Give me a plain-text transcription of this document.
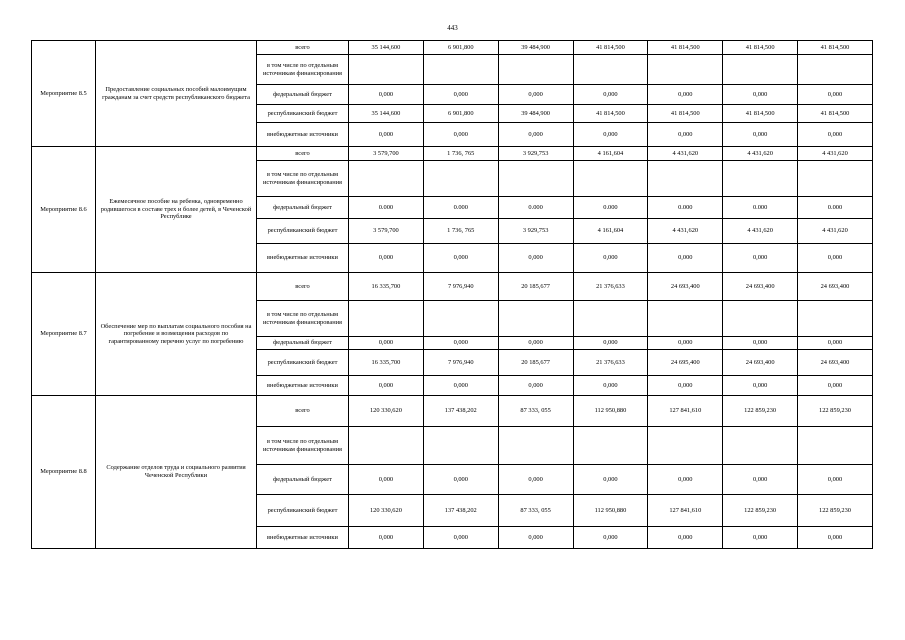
443
Мероприятие 8.5	Предоставление социальных пособий малоимущим гражданам за счет средств республиканского бюджета	всего	35 144,600	6 901,800	39 484,900	41 814,500	41 814,500	41 814,500	41 814,500
		в том числе по отдельным источникам финансирования							
		федеральный бюджет	0,000	0,000	0,000	0,000	0,000	0,000	0,000
		республиканский бюджет	35 144,600	6 901,800	39 484,900	41 814,500	41 814,500	41 814,500	41 814,500
		внебюджетные источники	0,000	0,000	0,000	0,000	0,000	0,000	0,000
Мероприятие 8.6	Ежемесячное пособие на ребенка, одновременно родившегося в составе трех и более детей, в Чеченской Республике	всего	3 579,700	1 736, 765	3 929,753	4 161,604	4 431,620	4 431,620	4 431,620
		в том числе по отдельным источникам финансирования							
		федеральный бюджет	0.000	0.000	0.000	0.000	0.000	0.000	0.000
		республиканский бюджет	3 579,700	1 736, 765	3 929,753	4 161,604	4 431,620	4 431,620	4 431,620
		внебюджетные источники	0,000	0,000	0,000	0,000	0,000	0,000	0,000
Мероприятие 8.7	Обеспечение мер по выплатам социального пособия на погребение и возмещения расходов по гарантированному перечню услуг по погребению	всего	16 335,700	7 976,940	20 185,677	21 376,633	24 693,400	24 693,400	24 693,400
		в том числе по отдельным источникам финансирования							
		федеральный бюджет	0,000	0,000	0,000	0,000	0,000	0,000	0,000
		республиканский бюджет	16 335,700	7 976,940	20 185,677	21 376,633	24 695,400	24 693,400	24 693,400
		внебюджетные источники	0,000	0,000	0,000	0,000	0,000	0,000	0,000
Мероприятие 8.8	Содержание отделов труда и социального развития Чеченской Республики	всего	120 330,620	137 438,202	87 333, 055	112 950,880	127 841,610	122 859,230	122 859,230
		в том числе по отдельным источникам финансирования							
		федеральный бюджет	0,000	0,000	0,000	0,000	0,000	0,000	0,000
		республиканский бюджет	120 330,620	137 438,202	87 333, 055	112 950,880	127 841,610	122 859,230	122 859,230
		внебюджетные источники	0,000	0,000	0,000	0,000	0,000	0,000	0,000
